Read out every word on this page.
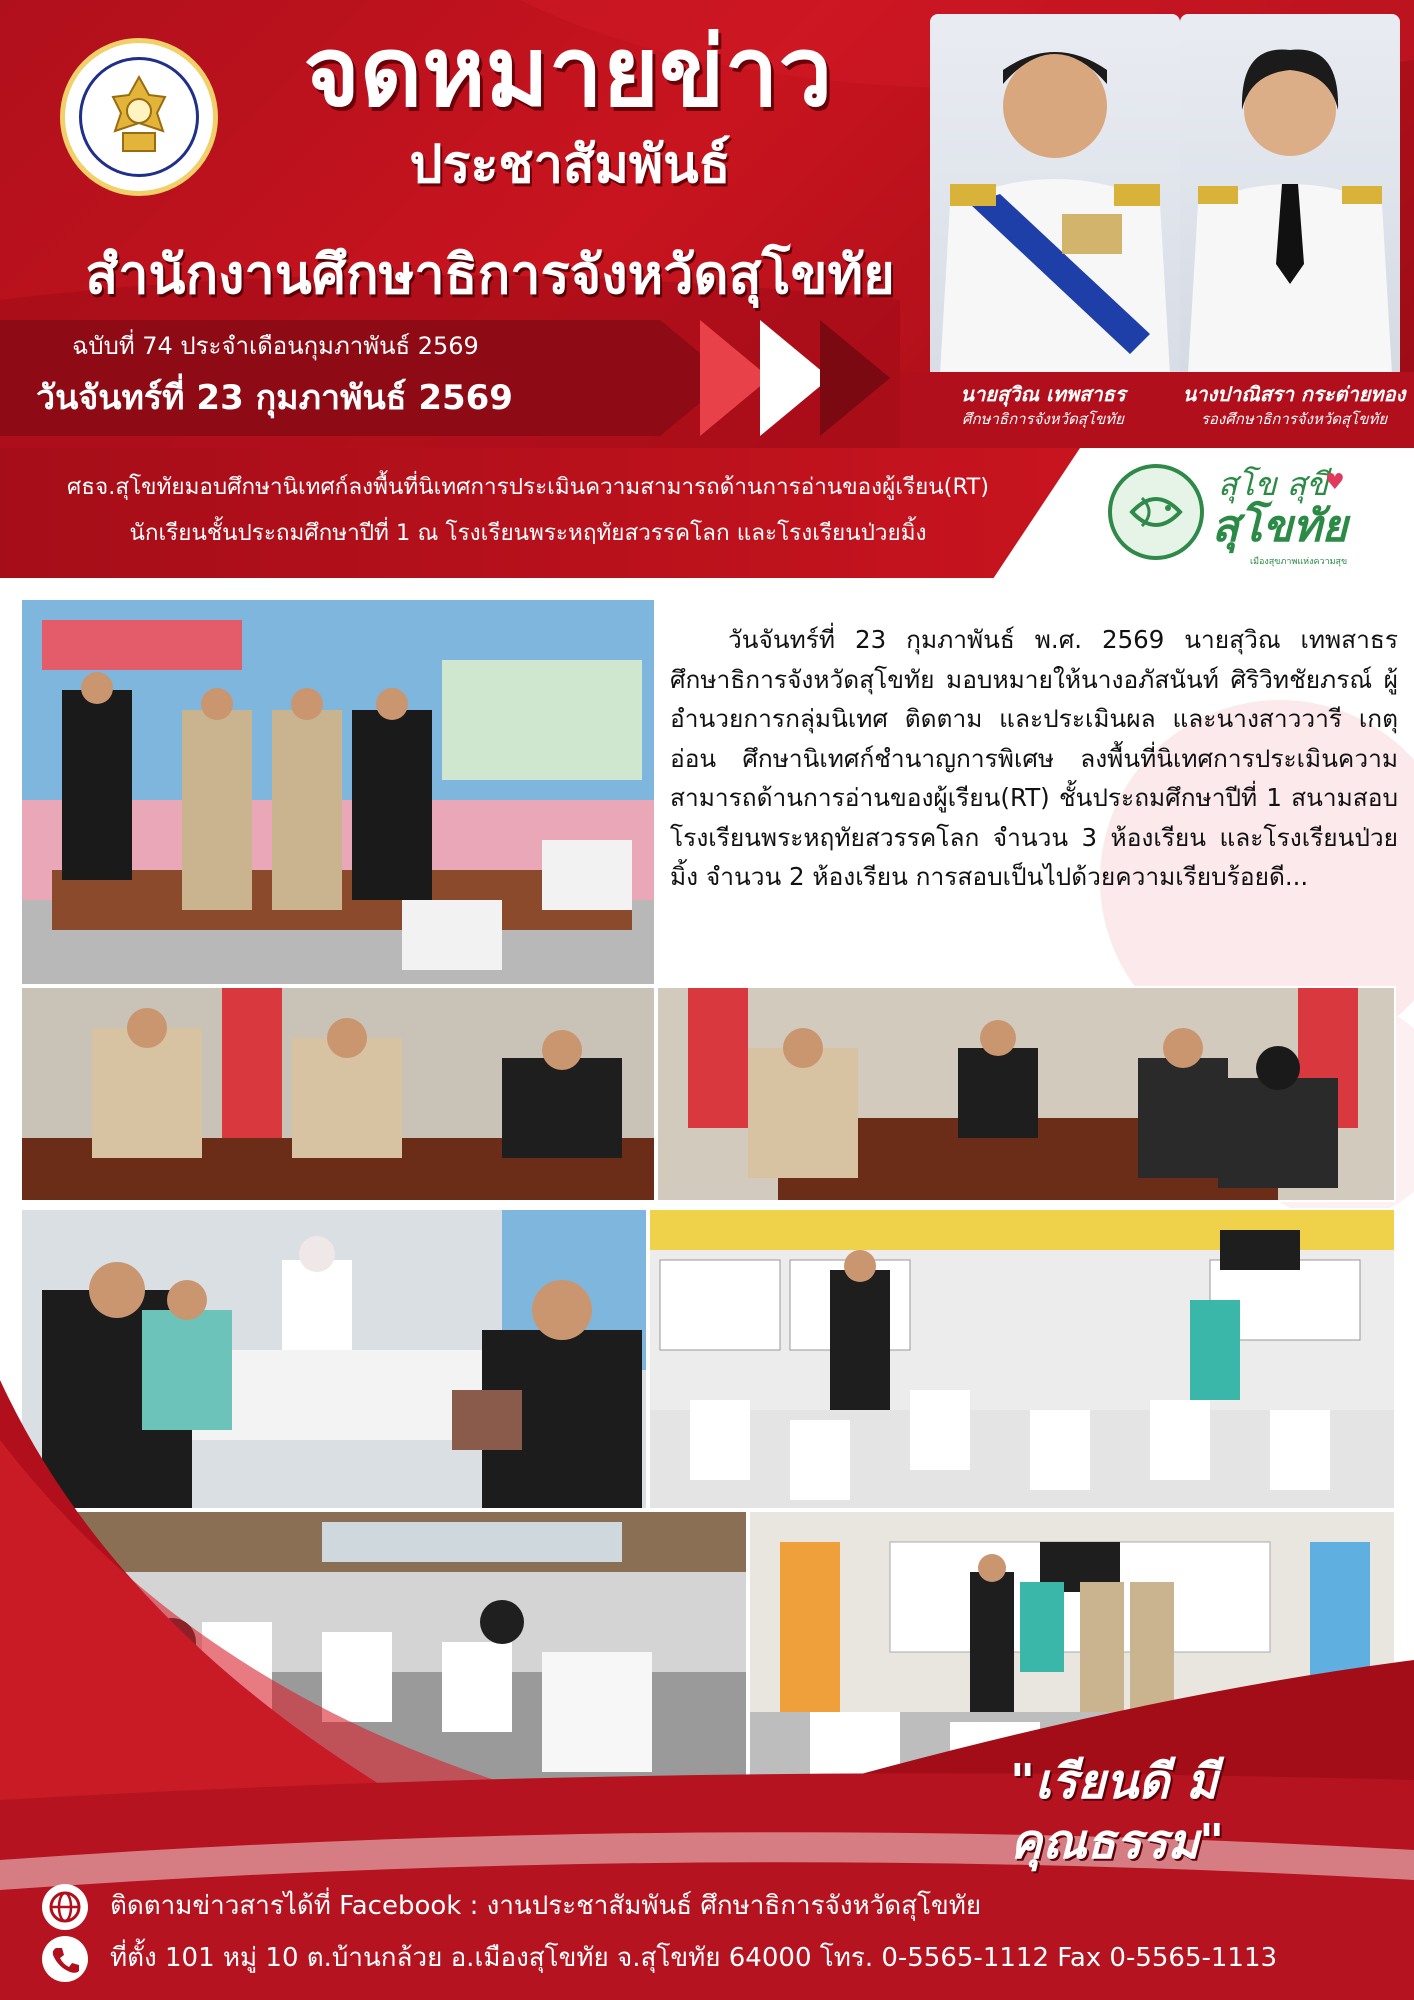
จดหมายข่าว
ประชาสัมพันธ์
สำนักงานศึกษาธิการจังหวัดสุโขทัย
ฉบับที่ 74 ประจำเดือนกุมภาพันธ์ 2569
วันจันทร์ที่ 23 กุมภาพันธ์ 2569	นายสุวิณ เทพสาธร
ศึกษาธิการจังหวัดสุโขทัย
นางปาณิสรา กระต่ายทอง
รองศึกษาธิการจังหวัดสุโขทัย
ศธจ.สุโขทัยมอบศึกษานิเทศก์ลงพื้นที่นิเทศการประเมินความสามารถด้านการอ่านของผู้เรียน(RT)
นักเรียนชั้นประถมศึกษาปีที่ 1 ณ โรงเรียนพระหฤทัยสวรรคโลก และโรงเรียนป่วยมิ้ง
สุโข สุขี
♥
สุโขทัย
เมืองสุขภาพแห่งความสุข
วันจันทร์ที่ 23 กุมภาพันธ์ พ.ศ. 2569 นายสุวิณ เทพสาธร ศึกษาธิการจังหวัดสุโขทัย มอบหมายให้นางอภัสนันท์ ศิริวิทชัยภรณ์ ผู้อำนวยการกลุ่มนิเทศ ติดตาม และประเมินผล และนางสาววารี เกตุอ่อน ศึกษานิเทศก์ชำนาญการพิเศษ ลงพื้นที่นิเทศการประเมินความสามารถด้านการอ่านของผู้เรียน(RT) ชั้นประถมศึกษาปีที่ 1 สนามสอบโรงเรียนพระหฤทัยสวรรคโลก จำนวน 3 ห้องเรียน และโรงเรียนป่วยมิ้ง จำนวน 2 ห้องเรียน การสอบเป็นไปด้วยความเรียบร้อยดี...
"เรียนดี มีคุณธรรม"
ติดตามข่าวสารได้ที่ Facebook : งานประชาสัมพันธ์ ศึกษาธิการจังหวัดสุโขทัย
ที่ตั้ง 101 หมู่ 10 ต.บ้านกล้วย อ.เมืองสุโขทัย จ.สุโขทัย 64000 โทร. 0-5565-1112 Fax 0-5565-1113
